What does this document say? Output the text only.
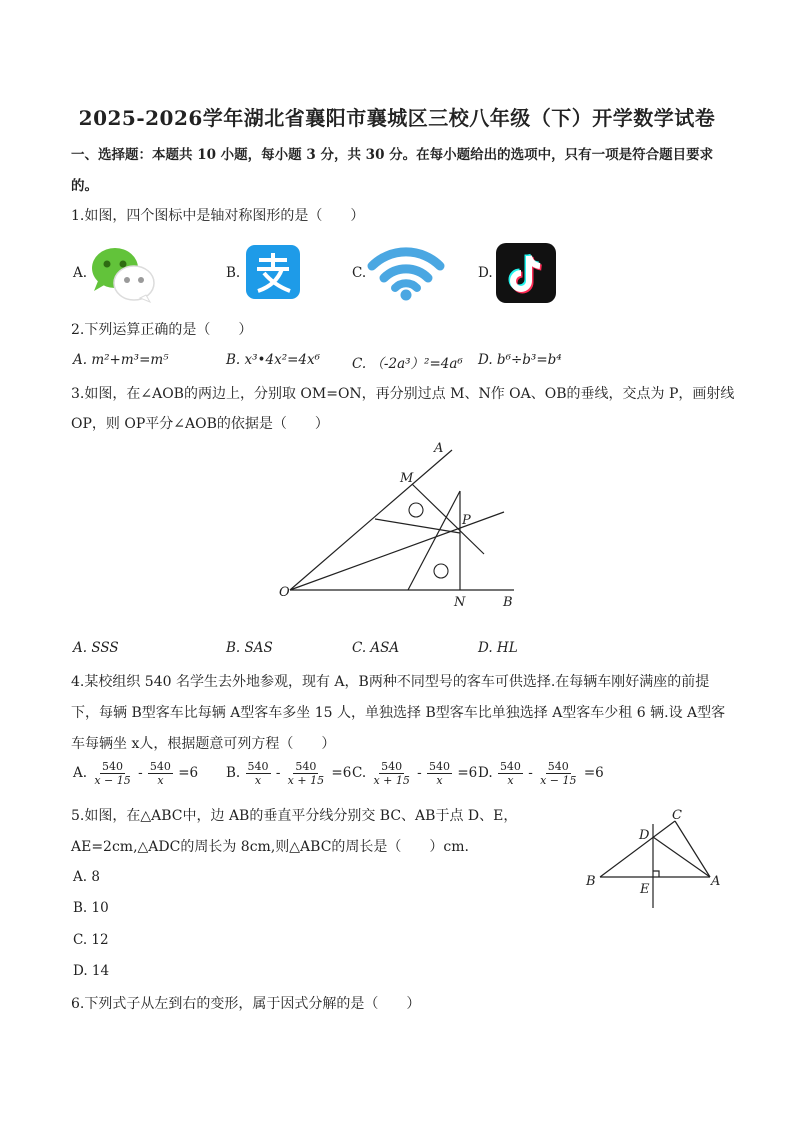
2025-2026学年湖北省襄阳市襄城区三校八年级（下）开学数学试卷
一、选择题：本题共 10 小题，每小题 3 分，共 30 分。在每小题给出的选项中，只有一项是符合题目要求
的。
1.如图，四个图标中是轴对称图形的是（　　）
A.	B.	C.	D.
2.下列运算正确的是（　　）
A. m²+m³=m⁵	B. x³•4x²=4x⁶ C. （-2a³）²=4a⁶ D. b⁶÷b³=b⁴
3.如图，在∠AOB的两边上，分别取 OM=ON，再分别过点 M、N作 OA、OB的垂线，交点为 P，画射线
OP，则 OP平分∠AOB的依据是（　　）
A
M
P
O
N	B
A. SSS	B. SAS	C. ASA	D. HL
4.某校组织 540 名学生去外地参观，现有 A，B两种不同型号的客车可供选择.在每辆车刚好满座的前提
下，每辆 B型客车比每辆 A型客车多坐 15 人，单独选择 B型客车比单独选择 A型客车少租 6 辆.设 A型客
车每辆坐 x人，根据题意可列方程（　　）
A. $\frac{540}{x - 15} - \frac{540}{x} =6$ B. $\frac{540}{x} - \frac{540}{x + 15} =6$ C. $\frac{540}{x + 15} - \frac{540}{x} =6$ D. $\frac{540}{x} - \frac{540}{x - 15} =6$
5.如图，在△ABC中，边 AB的垂直平分线分别交 BC、AB于点 D、E，
AE=2cm,△ADC的周长为 8cm,则△ABC的周长是（　　）cm.
C
D
B
E
A
A. 8
B. 10
C. 12
D. 14
6.下列式子从左到右的变形，属于因式分解的是（　　）
